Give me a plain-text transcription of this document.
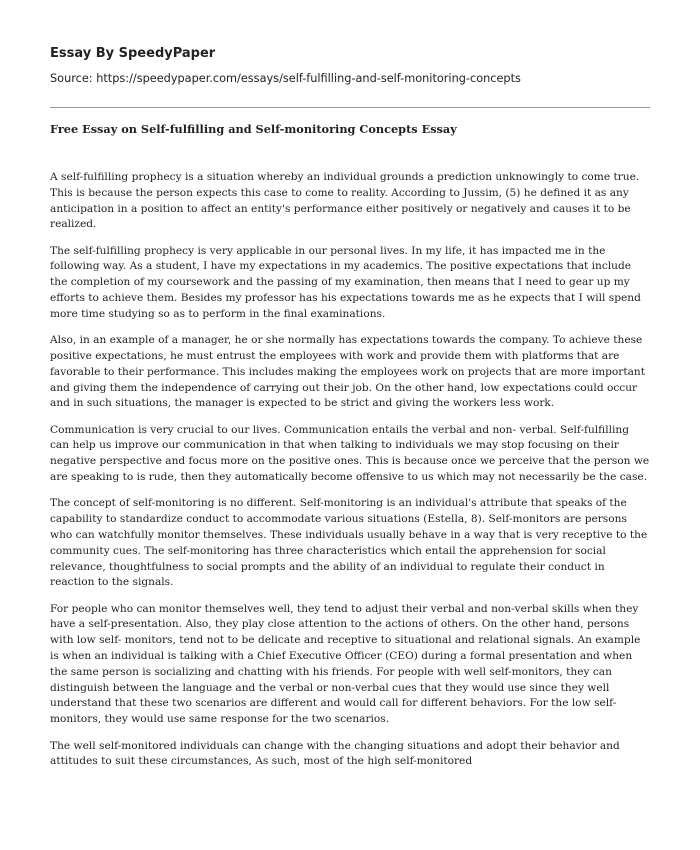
Essay By SpeedyPaper
Source: https://speedypaper.com/essays/self-fulfilling-and-self-monitoring-concepts
Free Essay on Self-fulfilling and Self-monitoring Concepts Essay

A self-fulfilling prophecy is a situation whereby an individual grounds a prediction unknowingly to come true. This is because the person expects this case to come to reality. According to Jussim, (5) he defined it as any anticipation in a position to affect an entity's performance either positively or negatively and causes it to be realized.

The self-fulfilling prophecy is very applicable in our personal lives. In my life, it has impacted me in the following way. As a student, I have my expectations in my academics. The positive expectations that include the completion of my coursework and the passing of my examination, then means that I need to gear up my efforts to achieve them. Besides my professor has his expectations towards me as he expects that I will spend more time studying so as to perform in the final examinations.

Also, in an example of a manager, he or she normally has expectations towards the company. To achieve these positive expectations, he must entrust the employees with work and provide them with platforms that are favorable to their performance. This includes making the employees work on projects that are more important and giving them the independence of carrying out their job. On the other hand, low expectations could occur and in such situations, the manager is expected to be strict and giving the workers less work.

Communication is very crucial to our lives. Communication entails the verbal and non- verbal. Self-fulfilling can help us improve our communication in that when talking to individuals we may stop focusing on their negative perspective and focus more on the positive ones. This is because once we perceive that the person we are speaking to is rude, then they automatically become offensive to us which may not necessarily be the case.

The concept of self-monitoring is no different. Self-monitoring is an individual's attribute that speaks of the capability to standardize conduct to accommodate various situations (Estella, 8). Self-monitors are persons who can watchfully monitor themselves. These individuals usually behave in a way that is very receptive to the community cues. The self-monitoring has three characteristics which entail the apprehension for social relevance, thoughtfulness to social prompts and the ability of an individual to regulate their conduct in reaction to the signals.

For people who can monitor themselves well, they tend to adjust their verbal and non-verbal skills when they have a self-presentation. Also, they play close attention to the actions of others. On the other hand, persons with low self- monitors, tend not to be delicate and receptive to situational and relational signals. An example is when an individual is talking with a Chief Executive Officer (CEO) during a formal presentation and when the same person is socializing and chatting with his friends. For people with well self-monitors, they can distinguish between the language and the verbal or non-verbal cues that they would use since they well understand that these two scenarios are different and would call for different behaviors. For the low self-monitors, they would use same response for the two scenarios.

The well self-monitored individuals can change with the changing situations and adopt their behavior and attitudes to suit these circumstances, As such, most of the high self-monitored
